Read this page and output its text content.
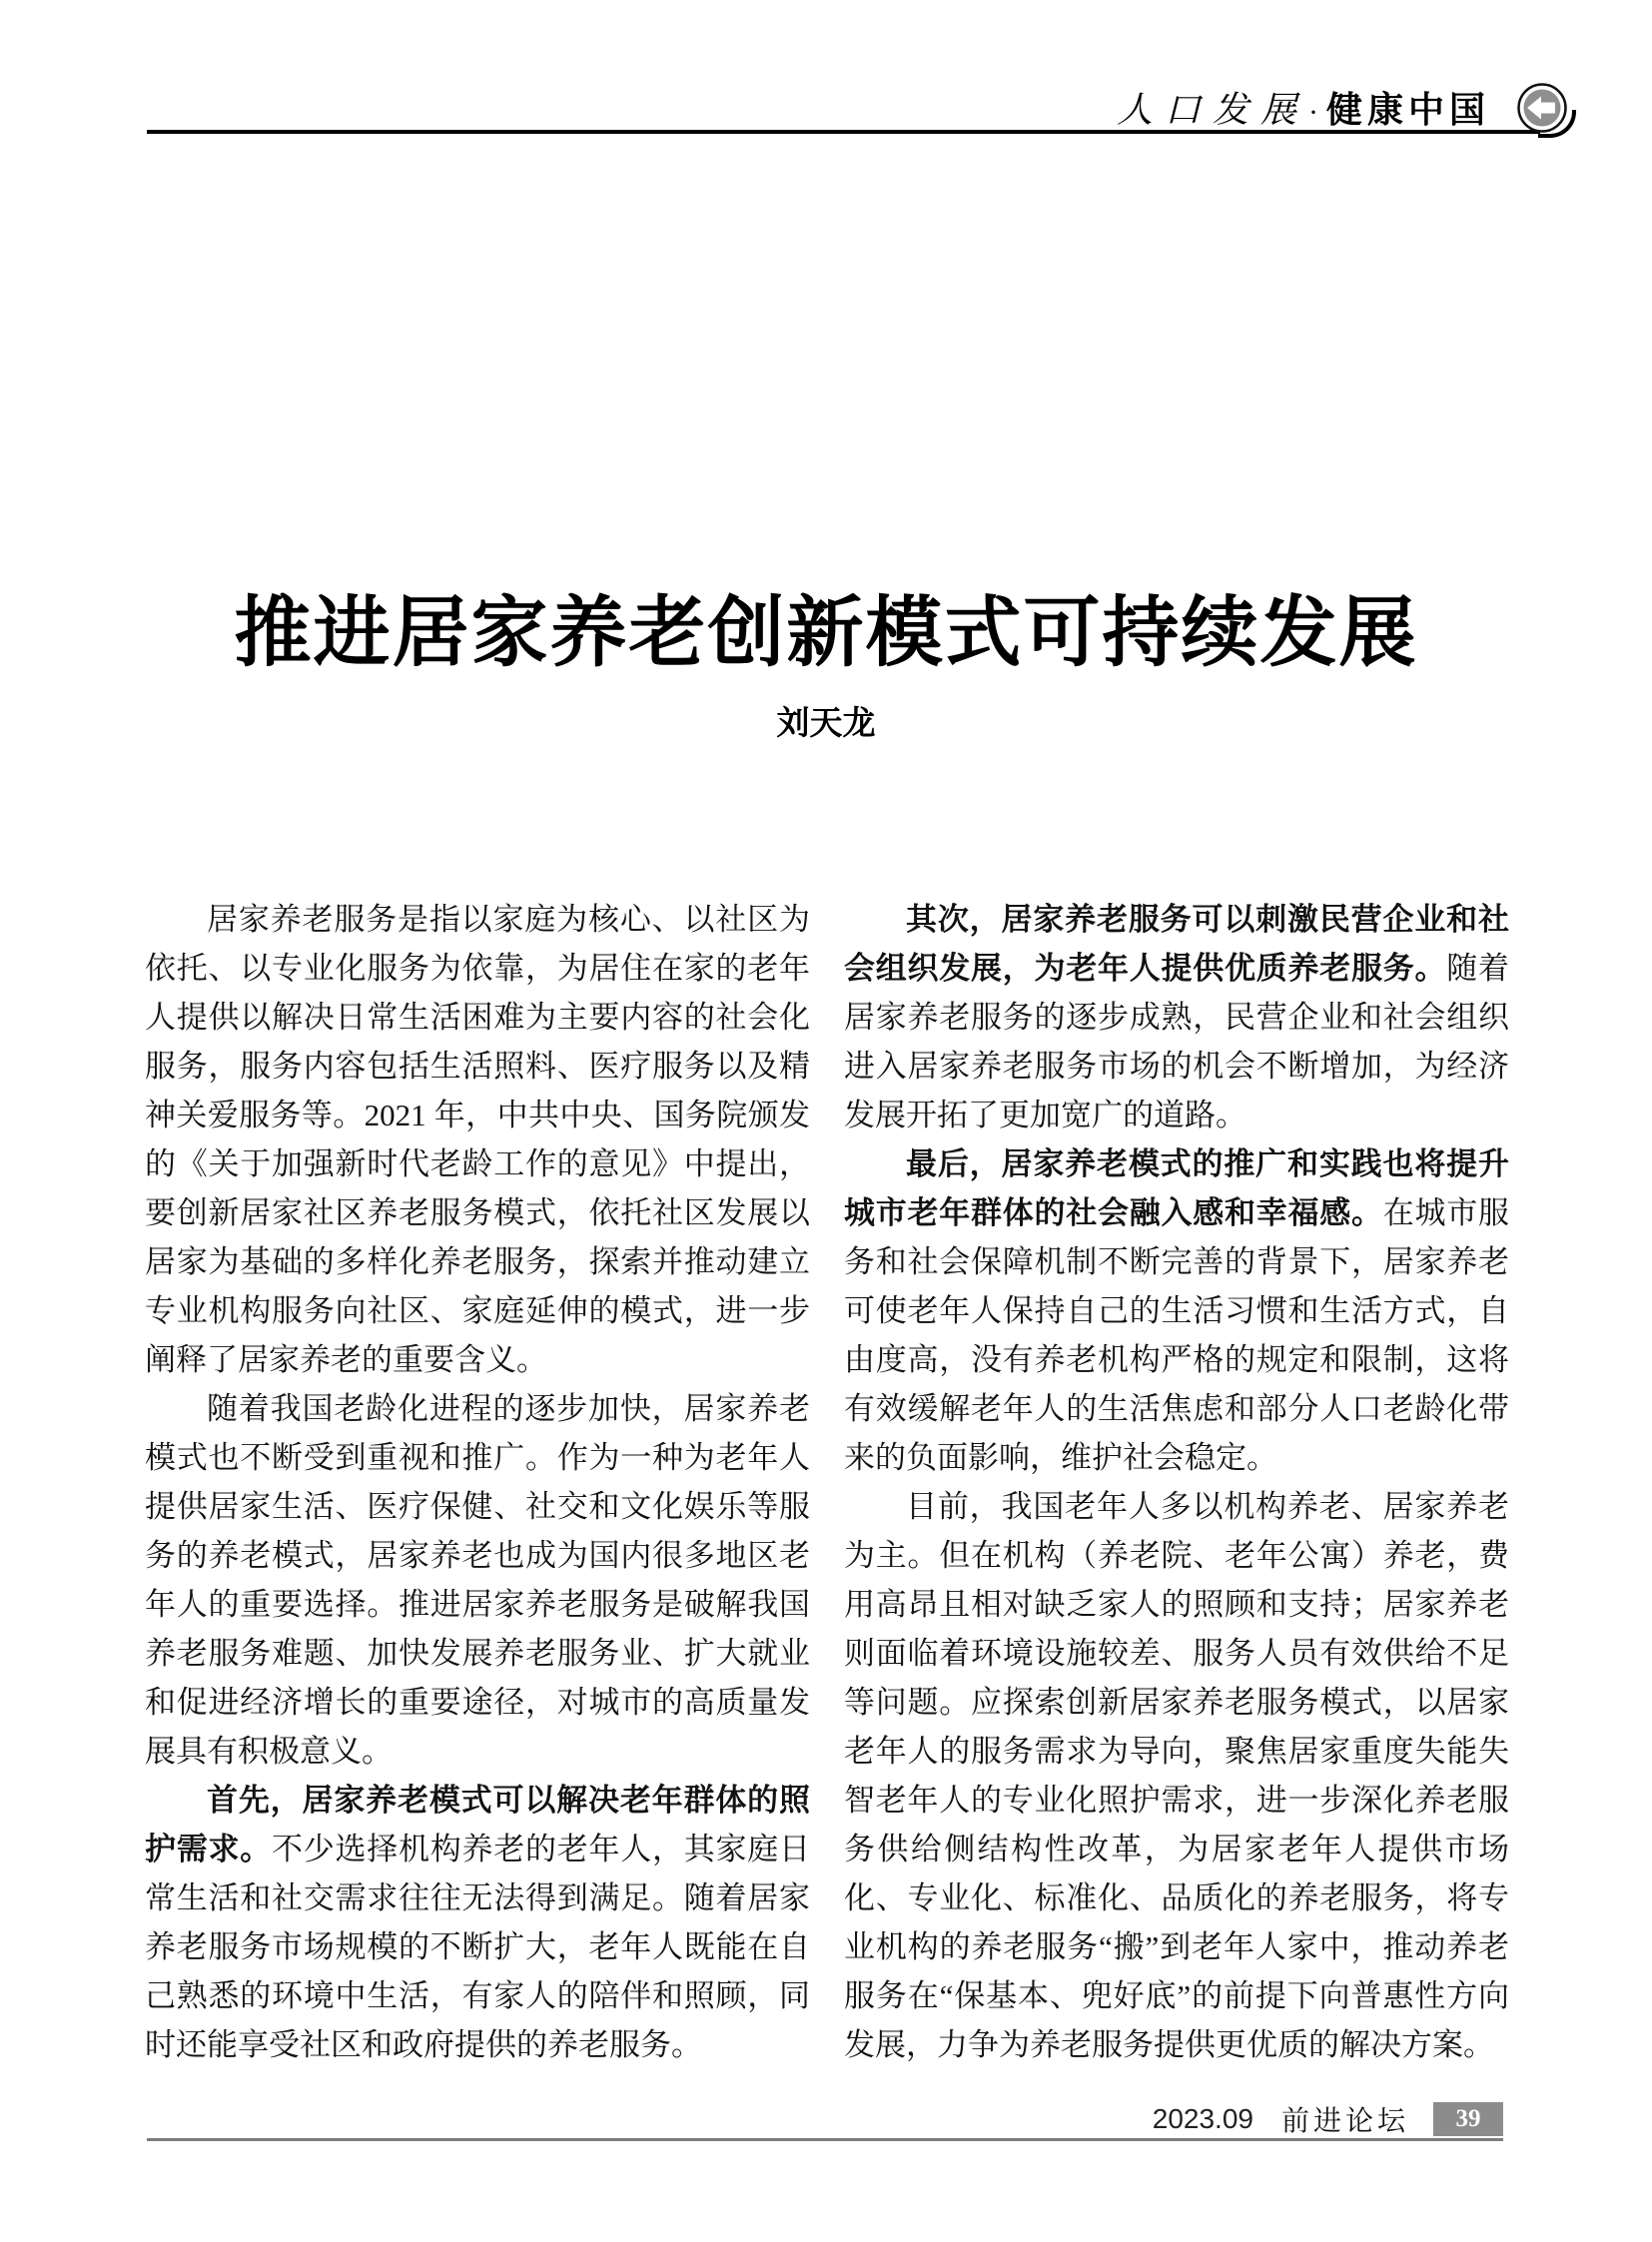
人口发展 · 健康中国
推进居家养老创新模式可持续发展
刘天龙

居家养老服务是指以家庭为核心、以社区为依托、以专业化服务为依靠，为居住在家的老年人提供以解决日常生活困难为主要内容的社会化服务，服务内容包括生活照料、医疗服务以及精神关爱服务等。2021 年，中共中央、国务院颁发的《关于加强新时代老龄工作的意见》中提出，要创新居家社区养老服务模式，依托社区发展以居家为基础的多样化养老服务，探索并推动建立专业机构服务向社区、家庭延伸的模式，进一步阐释了居家养老的重要含义。

随着我国老龄化进程的逐步加快，居家养老模式也不断受到重视和推广。作为一种为老年人提供居家生活、医疗保健、社交和文化娱乐等服务的养老模式，居家养老也成为国内很多地区老年人的重要选择。推进居家养老服务是破解我国养老服务难题、加快发展养老服务业、扩大就业和促进经济增长的重要途径，对城市的高质量发展具有积极意义。

首先，居家养老模式可以解决老年群体的照护需求。不少选择机构养老的老年人，其家庭日常生活和社交需求往往无法得到满足。随着居家养老服务市场规模的不断扩大，老年人既能在自己熟悉的环境中生活，有家人的陪伴和照顾，同时还能享受社区和政府提供的养老服务。

其次，居家养老服务可以刺激民营企业和社会组织发展，为老年人提供优质养老服务。随着居家养老服务的逐步成熟，民营企业和社会组织进入居家养老服务市场的机会不断增加，为经济发展开拓了更加宽广的道路。

最后，居家养老模式的推广和实践也将提升城市老年群体的社会融入感和幸福感。在城市服务和社会保障机制不断完善的背景下，居家养老可使老年人保持自己的生活习惯和生活方式，自由度高，没有养老机构严格的规定和限制，这将有效缓解老年人的生活焦虑和部分人口老龄化带来的负面影响，维护社会稳定。

目前，我国老年人多以机构养老、居家养老为主。但在机构（养老院、老年公寓）养老，费用高昂且相对缺乏家人的照顾和支持；居家养老则面临着环境设施较差、服务人员有效供给不足等问题。应探索创新居家养老服务模式，以居家老年人的服务需求为导向，聚焦居家重度失能失智老年人的专业化照护需求，进一步深化养老服务供给侧结构性改革，为居家老年人提供市场化、专业化、标准化、品质化的养老服务，将专业机构的养老服务“搬”到老年人家中，推动养老服务在“保基本、兜好底”的前提下向普惠性方向发展，力争为养老服务提供更优质的解决方案。

2023.09 前进论坛	39
